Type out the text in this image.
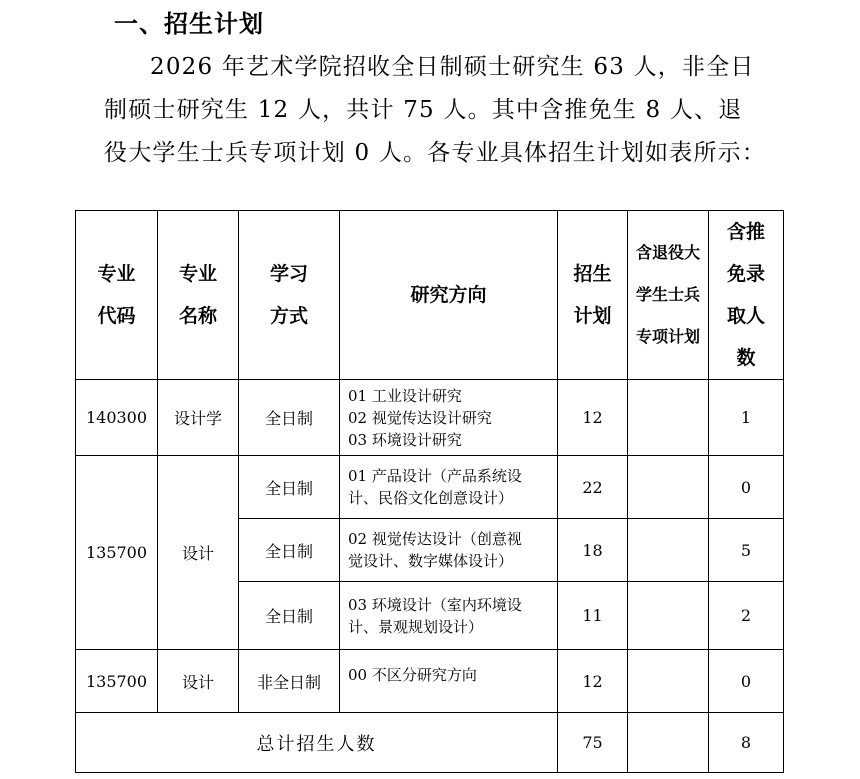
一、招生计划
2026 年艺术学院招收全日制硕士研究生 63 人，非全日
制硕士研究生 12 人，共计 75 人。其中含推免生 8 人、退
役大学生士兵专项计划 0 人。各专业具体招生计划如表所示：
专业代码	专业名称	学习方式	研究方向	招生计划	含退役大学生士兵专项计划	含推免录取人数

140300	设计学	全日制	01 工业设计研究
02 视觉传达设计研究
03 环境设计研究	12		1
135700	设计	全日制	01 产品设计（产品系统设
计、民俗文化创意设计）	22		0
		全日制	02 视觉传达设计（创意视
觉设计、数字媒体设计）	18		5
		全日制	03 环境设计（室内环境设
计、景观规划设计）	11		2
135700	设计	非全日制	00 不区分研究方向	12		0
总计招生人数				75		8
